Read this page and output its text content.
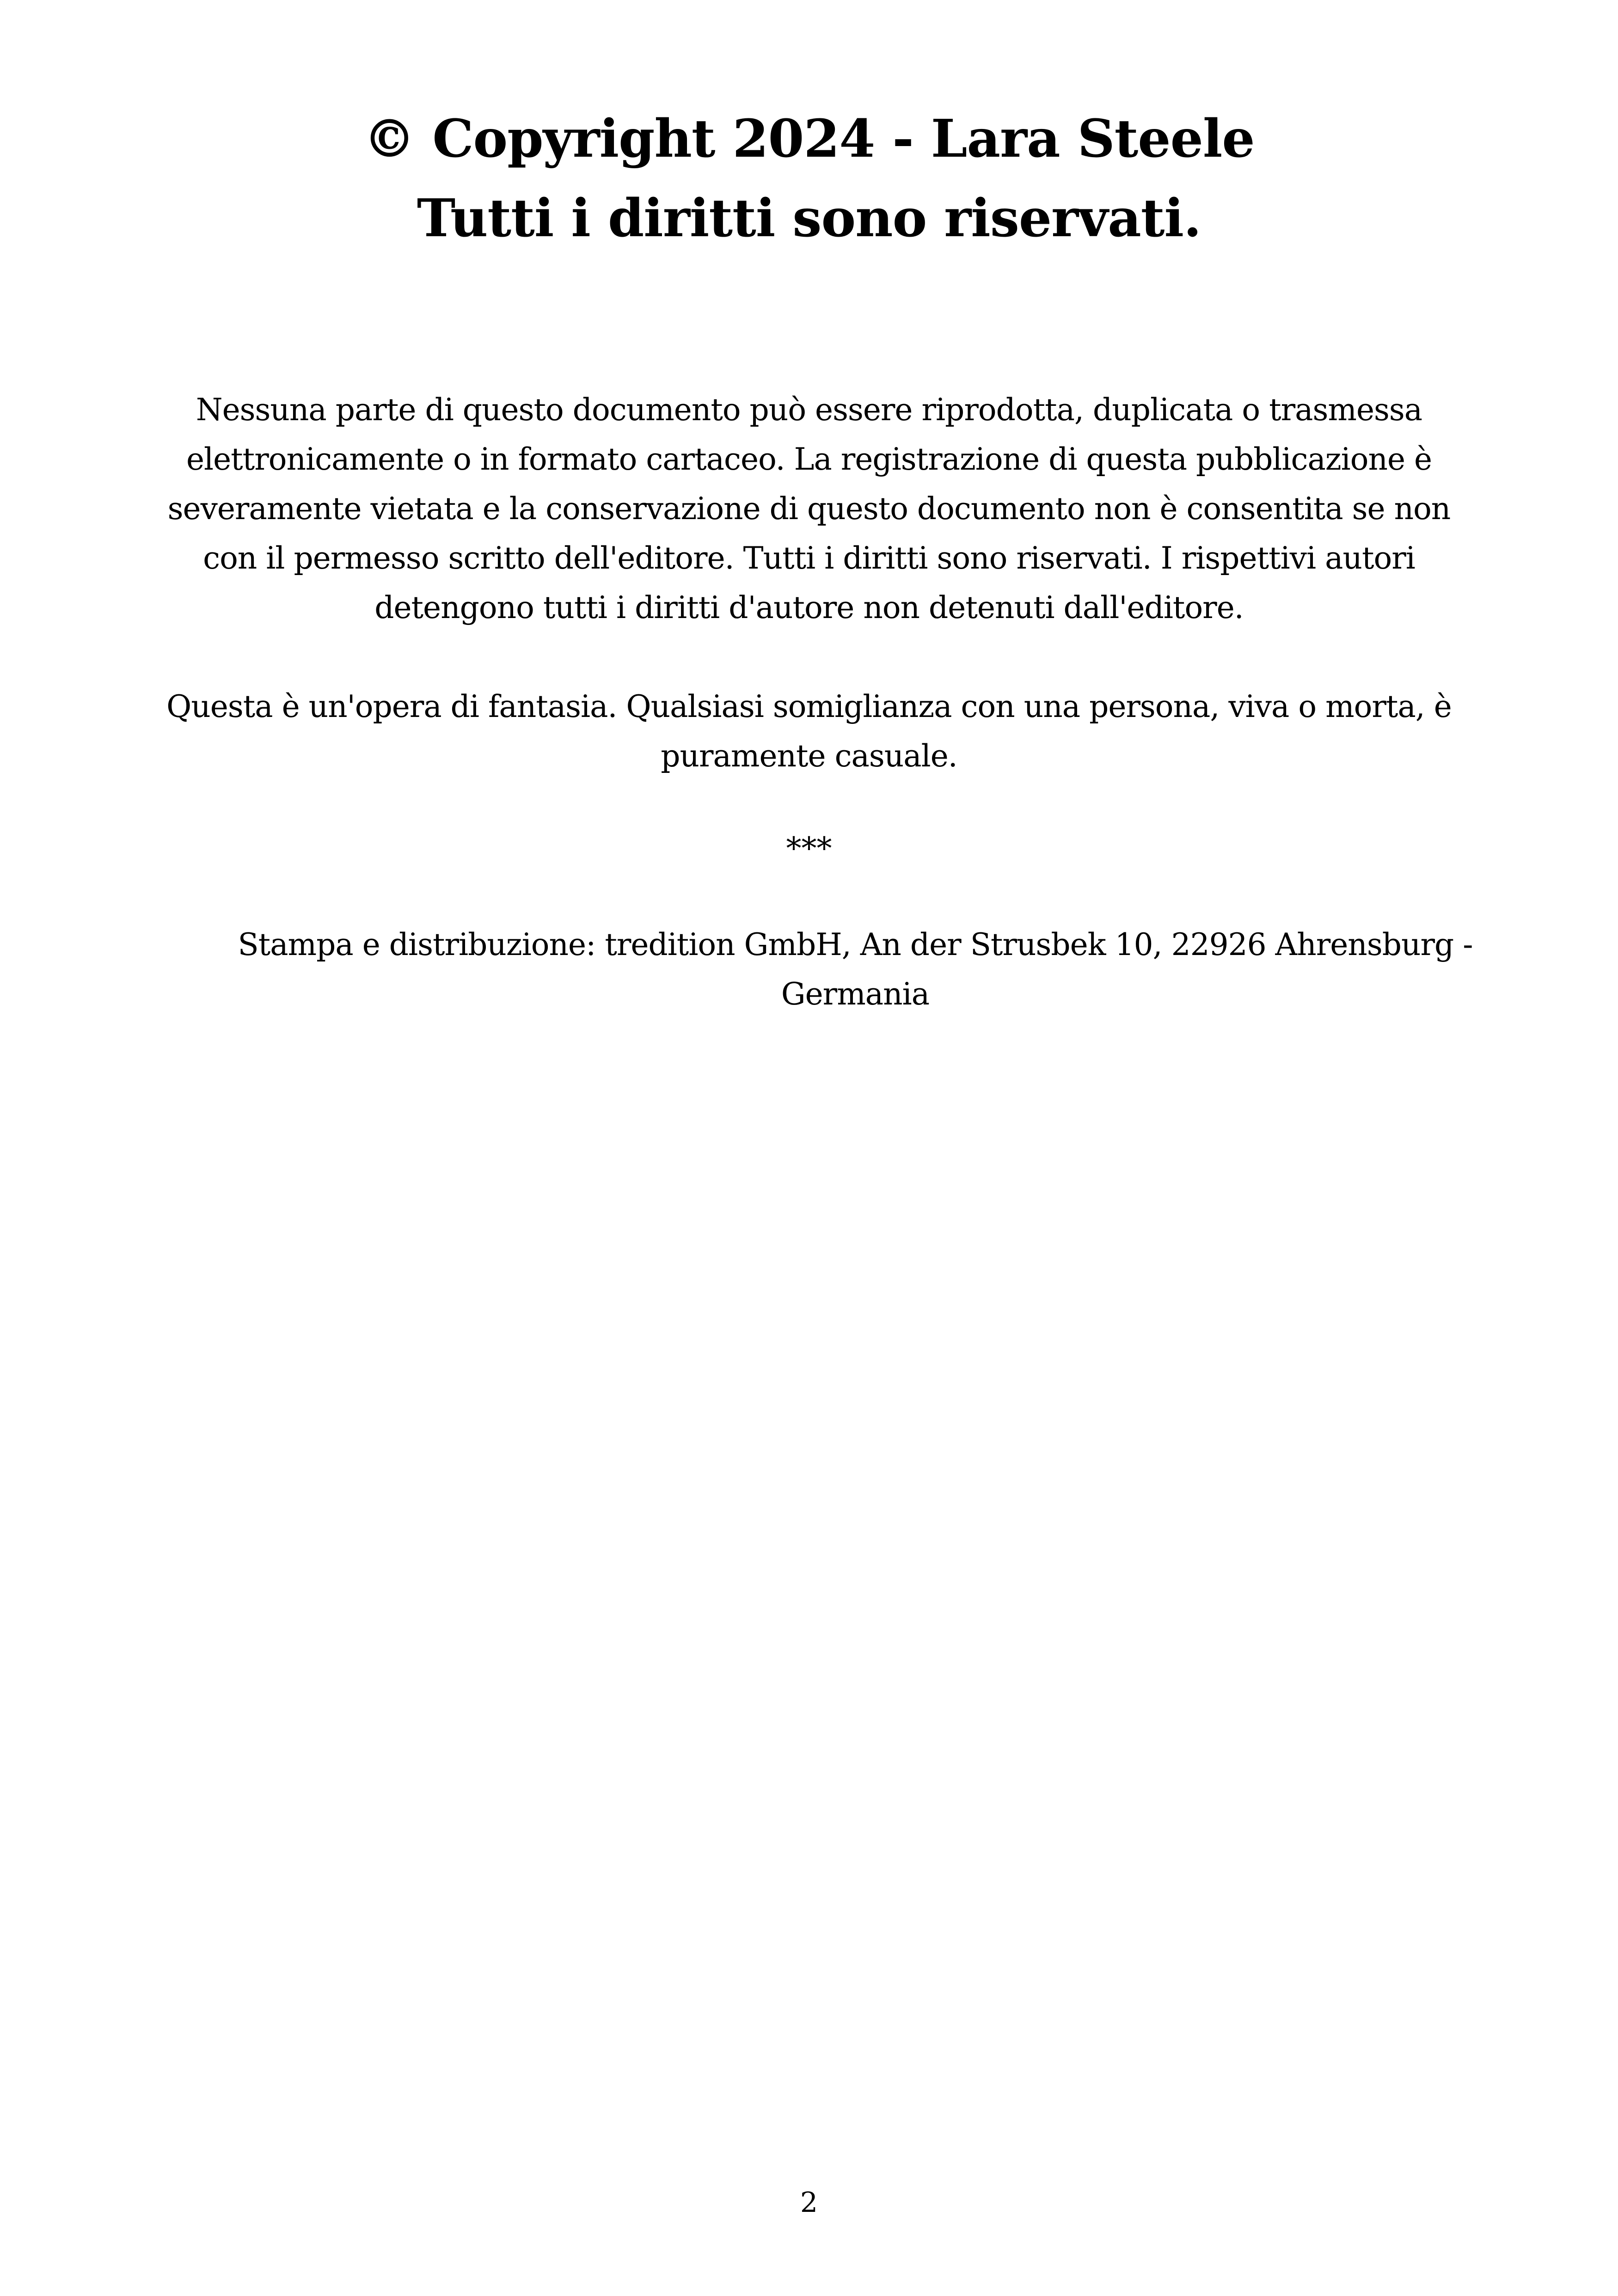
© Copyright 2024 - Lara Steele
Tutti i diritti sono riservati.
Nessuna parte di questo documento può essere riprodotta, duplicata o trasmessa
elettronicamente o in formato cartaceo. La registrazione di questa pubblicazione è
severamente vietata e la conservazione di questo documento non è consentita se non
con il permesso scritto dell'editore. Tutti i diritti sono riservati. I rispettivi autori
detengono tutti i diritti d'autore non detenuti dall'editore.
Questa è un'opera di fantasia. Qualsiasi somiglianza con una persona, viva o morta, è
puramente casuale.
***
Stampa e distribuzione: tredition GmbH, An der Strusbek 10, 22926 Ahrensburg -
Germania
2
